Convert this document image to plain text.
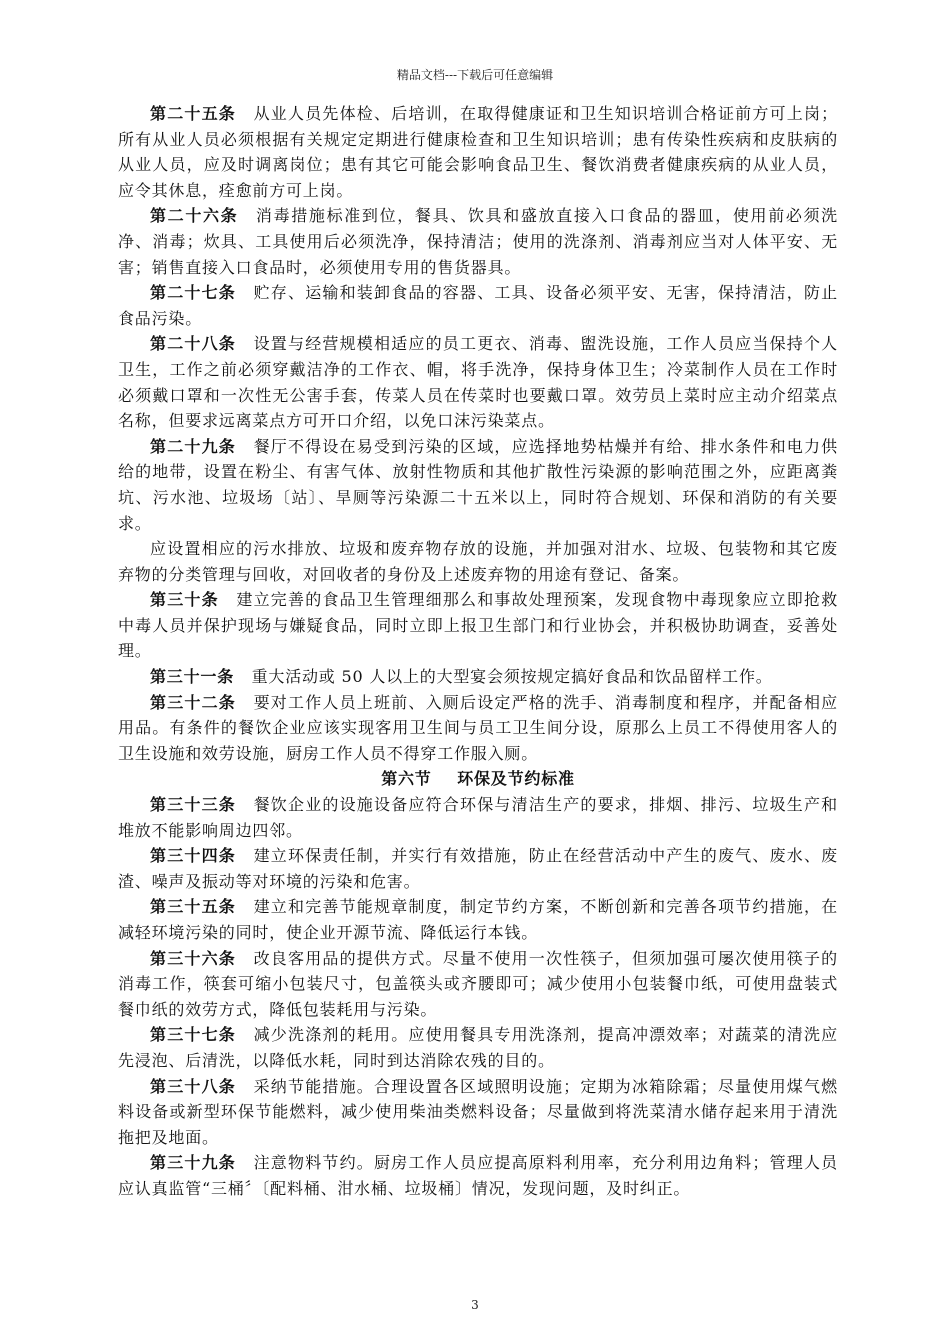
精品文档---下载后可任意编辑

第二十五条 从业人员先体检、后培训，在取得健康证和卫生知识培训合格证前方可上岗；所有从业人员必须根据有关规定定期进行健康检查和卫生知识培训；患有传染性疾病和皮肤病的从业人员，应及时调离岗位；患有其它可能会影响食品卫生、餐饮消费者健康疾病的从业人员，应令其休息，痊愈前方可上岗。

第二十六条 消毒措施标准到位，餐具、饮具和盛放直接入口食品的器皿，使用前必须洗净、消毒；炊具、工具使用后必须洗净，保持清洁；使用的洗涤剂、消毒剂应当对人体平安、无害；销售直接入口食品时，必须使用专用的售货器具。

第二十七条 贮存、运输和装卸食品的容器、工具、设备必须平安、无害，保持清洁，防止食品污染。

第二十八条 设置与经营规模相适应的员工更衣、消毒、盥洗设施，工作人员应当保持个人卫生，工作之前必须穿戴洁净的工作衣、帽，将手洗净，保持身体卫生；冷菜制作人员在工作时必须戴口罩和一次性无公害手套，传菜人员在传菜时也要戴口罩。效劳员上菜时应主动介绍菜点名称，但要求远离菜点方可开口介绍，以免口沫污染菜点。

第二十九条 餐厅不得设在易受到污染的区域，应选择地势枯燥并有给、排水条件和电力供给的地带，设置在粉尘、有害气体、放射性物质和其他扩散性污染源的影响范围之外，应距离粪坑、污水池、垃圾场〔站〕、旱厕等污染源二十五米以上，同时符合规划、环保和消防的有关要求。

应设置相应的污水排放、垃圾和废弃物存放的设施，并加强对泔水、垃圾、包装物和其它废弃物的分类管理与回收，对回收者的身份及上述废弃物的用途有登记、备案。

第三十条 建立完善的食品卫生管理细那么和事故处理预案，发现食物中毒现象应立即抢救中毒人员并保护现场与嫌疑食品，同时立即上报卫生部门和行业协会，并积极协助调查，妥善处理。

第三十一条 重大活动或 50 人以上的大型宴会须按规定搞好食品和饮品留样工作。

第三十二条 要对工作人员上班前、入厕后设定严格的洗手、消毒制度和程序，并配备相应用品。有条件的餐饮企业应该实现客用卫生间与员工卫生间分设，原那么上员工不得使用客人的卫生设施和效劳设施，厨房工作人员不得穿工作服入厕。

第六节 环保及节约标准

第三十三条 餐饮企业的设施设备应符合环保与清洁生产的要求，排烟、排污、垃圾生产和堆放不能影响周边四邻。

第三十四条 建立环保责任制，并实行有效措施，防止在经营活动中产生的废气、废水、废渣、噪声及振动等对环境的污染和危害。

第三十五条 建立和完善节能规章制度，制定节约方案，不断创新和完善各项节约措施，在减轻环境污染的同时，使企业开源节流、降低运行本钱。

第三十六条 改良客用品的提供方式。尽量不使用一次性筷子，但须加强可屡次使用筷子的消毒工作，筷套可缩小包装尺寸，包盖筷头或齐腰即可；减少使用小包装餐巾纸，可使用盘装式餐巾纸的效劳方式，降低包装耗用与污染。

第三十七条 减少洗涤剂的耗用。应使用餐具专用洗涤剂，提高冲漂效率；对蔬菜的清洗应先浸泡、后清洗，以降低水耗，同时到达消除农残的目的。

第三十八条 采纳节能措施。合理设置各区域照明设施；定期为冰箱除霜；尽量使用煤气燃料设备或新型环保节能燃料，减少使用柴油类燃料设备；尽量做到将洗菜清水储存起来用于清洗拖把及地面。

第三十九条 注意物料节约。厨房工作人员应提高原料利用率，充分利用边角料；管理人员应认真监管“三桶〞〔配料桶、泔水桶、垃圾桶〕情况，发现问题，及时纠正。

3
